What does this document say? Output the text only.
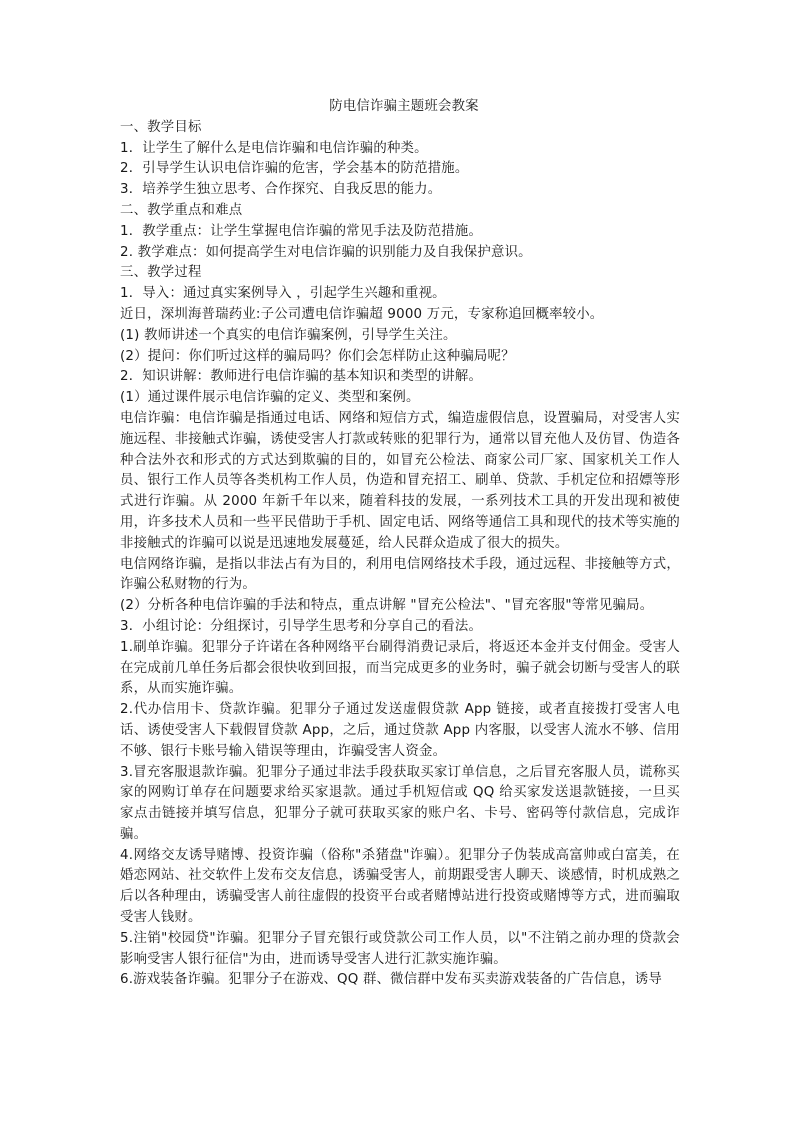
防电信诈骗主题班会教案
一、教学目标
1．让学生了解什么是电信诈骗和电信诈骗的种类。
2．引导学生认识电信诈骗的危害，学会基本的防范措施。
3．培养学生独立思考、合作探究、自我反思的能力。
二、教学重点和难点
1．教学重点：让学生掌握电信诈骗的常见手法及防范措施。
2. 教学难点：如何提高学生对电信诈骗的识别能力及自我保护意识。
三、教学过程
1．导入：通过真实案例导入 ，引起学生兴趣和重视。
近日，深圳海普瑞药业:子公司遭电信诈骗超 9000 万元，专家称追回概率较小。
(1) 教师讲述一个真实的电信诈骗案例，引导学生关注。
(2）提问：你们听过这样的骗局吗？你们会怎样防止这种骗局呢？
2．知识讲解：教师进行电信诈骗的基本知识和类型的讲解。
(1）通过课件展示电信诈骗的定义、类型和案例。

电信诈骗：电信诈骗是指通过电话、网络和短信方式，编造虚假信息，设置骗局，对受害人实施远程、非接触式诈骗，诱使受害人打款或转账的犯罪行为，通常以冒充他人及仿冒、伪造各种合法外衣和形式的方式达到欺骗的目的，如冒充公检法、商家公司厂家、国家机关工作人员、银行工作人员等各类机构工作人员，伪造和冒充招工、刷单、贷款、手机定位和招嫖等形式进行诈骗。从 2000 年新千年以来，随着科技的发展，一系列技术工具的开发出现和被使用，许多技术人员和一些平民借助于手机、固定电话、网络等通信工具和现代的技术等实施的非接触式的诈骗可以说是迅速地发展蔓延，给人民群众造成了很大的损失。

电信网络诈骗，是指以非法占有为目的，利用电信网络技术手段，通过远程、非接触等方式，诈骗公私财物的行为。

(2）分析各种电信诈骗的手法和特点，重点讲解 "冒充公检法"、"冒充客服"等常见骗局。

3．小组讨论：分组探讨，引导学生思考和分享自己的看法。

1.刷单诈骗。犯罪分子许诺在各种网络平台刷得消费记录后，将返还本金并支付佣金。受害人在完成前几单任务后都会很快收到回报，而当完成更多的业务时，骗子就会切断与受害人的联系，从而实施诈骗。

2.代办信用卡、贷款诈骗。犯罪分子通过发送虚假贷款 App 链接，或者直接拨打受害人电话、诱使受害人下载假冒贷款 App，之后，通过贷款 App 内客服，以受害人流水不够、信用不够、银行卡账号输入错误等理由，诈骗受害人资金。

3.冒充客服退款诈骗。犯罪分子通过非法手段获取买家订单信息，之后冒充客服人员，谎称买家的网购订单存在问题要求给买家退款。通过手机短信或 QQ 给买家发送退款链接，一旦买家点击链接并填写信息，犯罪分子就可获取买家的账户名、卡号、密码等付款信息，完成诈骗。

4.网络交友诱导赌博、投资诈骗（俗称"杀猪盘"诈骗）。犯罪分子伪装成高富帅或白富美，在婚恋网站、社交软件上发布交友信息，诱骗受害人，前期跟受害人聊天、谈感情，时机成熟之后以各种理由，诱骗受害人前往虚假的投资平台或者赌博站进行投资或赌博等方式，进而骗取受害人钱财。

5.注销"校园贷"诈骗。犯罪分子冒充银行或贷款公司工作人员，以"不注销之前办理的贷款会影响受害人银行征信"为由，进而诱导受害人进行汇款实施诈骗。

6.游戏装备诈骗。犯罪分子在游戏、QQ 群、微信群中发布买卖游戏装备的广告信息，诱导
